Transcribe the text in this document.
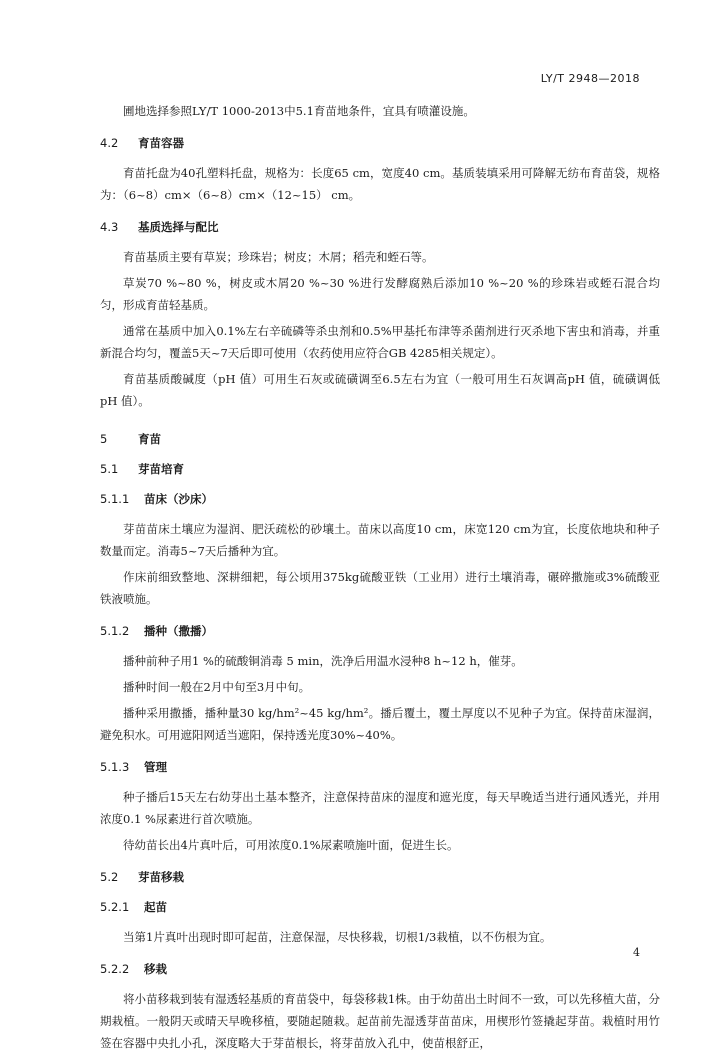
LY/T 2948—2018

圃地选择参照LY/T 1000-2013中5.1育苗地条件，宜具有喷灌设施。

4.2 育苗容器

育苗托盘为40孔塑料托盘，规格为：长度65 cm，宽度40 cm。基质装填采用可降解无纺布育苗袋，规格为：（6~8）cm×（6~8）cm×（12~15） cm。

4.3 基质选择与配比

育苗基质主要有草炭；珍珠岩；树皮；木屑；稻壳和蛭石等。

草炭70 %~80 %，树皮或木屑20 %~30 %进行发酵腐熟后添加10 %~20 %的珍珠岩或蛭石混合均匀，形成育苗轻基质。

通常在基质中加入0.1%左右辛硫磷等杀虫剂和0.5%甲基托布津等杀菌剂进行灭杀地下害虫和消毒，并重新混合均匀，覆盖5天~7天后即可使用（农药使用应符合GB 4285相关规定）。

育苗基质酸碱度（pH 值）可用生石灰或硫磺调至6.5左右为宜（一般可用生石灰调高pH 值，硫磺调低pH 值）。

5	育苗
5.1 芽苗培育
5.1.1 苗床（沙床）

芽苗苗床土壤应为湿润、肥沃疏松的砂壤土。苗床以高度10 cm，床宽120 cm为宜，长度依地块和种子数量而定。消毒5~7天后播种为宜。

作床前细致整地、深耕细耙，每公顷用375kg硫酸亚铁（工业用）进行土壤消毒，碾碎撒施或3%硫酸亚铁液喷施。

5.1.2 播种（撒播）

播种前种子用1 %的硫酸铜消毒 5 min，洗净后用温水浸种8 h~12 h，催芽。

播种时间一般在2月中旬至3月中旬。

播种采用撒播，播种量30 kg/hm²~45 kg/hm²。播后覆土，覆土厚度以不见种子为宜。保持苗床湿润，避免积水。可用遮阳网适当遮阳，保持透光度30%~40%。

5.1.3 管理

种子播后15天左右幼芽出土基本整齐，注意保持苗床的湿度和遮光度，每天早晚适当进行通风透光，并用浓度0.1 %尿素进行首次喷施。

待幼苗长出4片真叶后，可用浓度0.1%尿素喷施叶面，促进生长。

5.2 芽苗移栽
5.2.1 起苗

当第1片真叶出现时即可起苗，注意保湿，尽快移栽，切根1/3栽植，以不伤根为宜。

5.2.2 移栽

将小苗移栽到装有湿透轻基质的育苗袋中，每袋移栽1株。由于幼苗出土时间不一致，可以先移植大苗，分期栽植。一般阴天或晴天早晚移植，要随起随栽。起苗前先湿透芽苗苗床，用楔形竹签撬起芽苗。栽植时用竹签在容器中央扎小孔，深度略大于芽苗根长，将芽苗放入孔中，使苗根舒正，

4
